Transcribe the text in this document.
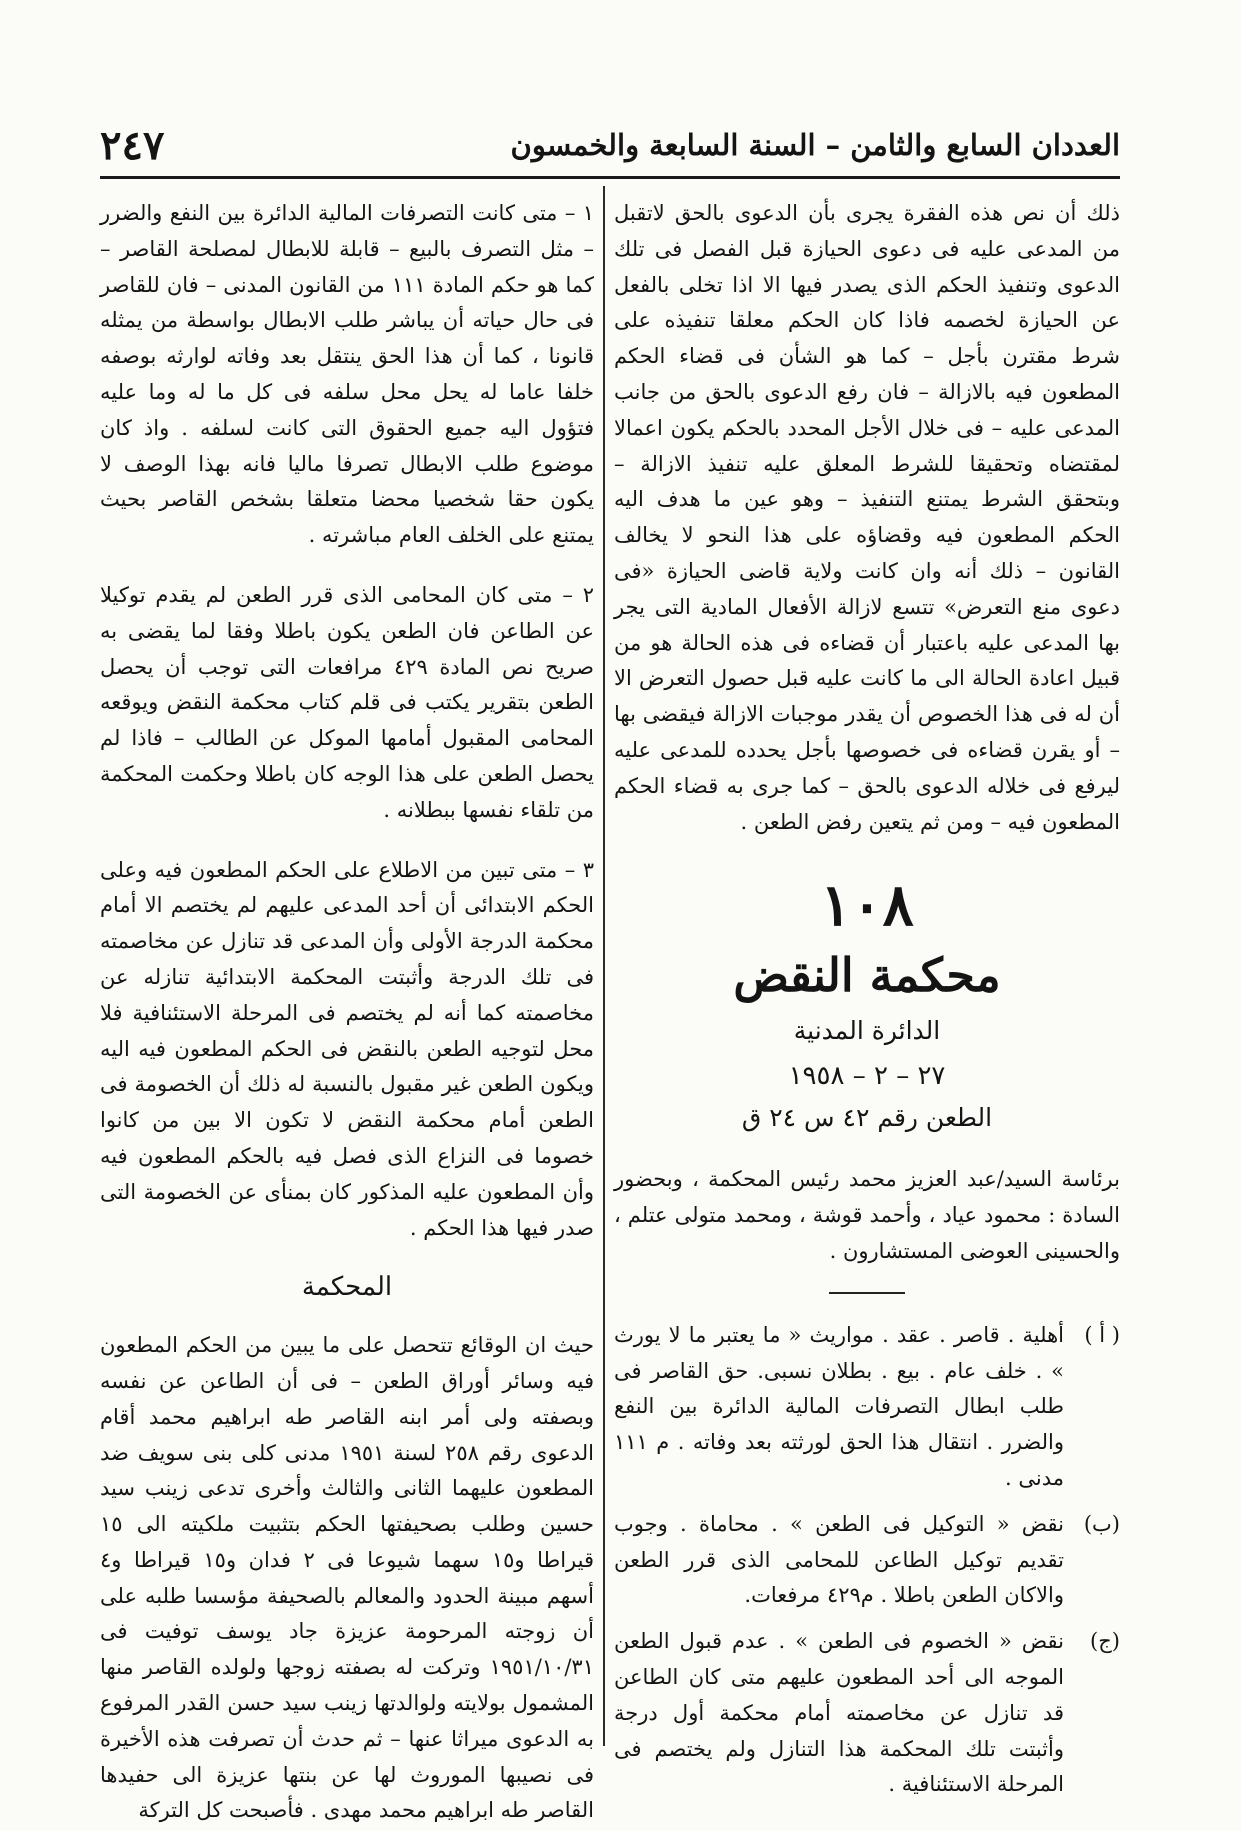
العددان السابع والثامن – السنة السابعة والخمسون
٢٤٧

ذلك أن نص هذه الفقرة يجرى بأن الدعوى بالحق لاتقبل من المدعى عليه فى دعوى الحيازة قبل الفصل فى تلك الدعوى وتنفيذ الحكم الذى يصدر فيها الا اذا تخلى بالفعل عن الحيازة لخصمه فاذا كان الحكم معلقا تنفيذه على شرط مقترن بأجل – كما هو الشأن فى قضاء الحكم المطعون فيه بالازالة – فان رفع الدعوى بالحق من جانب المدعى عليه – فى خلال الأجل المحدد بالحكم يكون اعمالا لمقتضاه وتحقيقا للشرط المعلق عليه تنفيذ الازالة – وبتحقق الشرط يمتنع التنفيذ – وهو عين ما هدف اليه الحكم المطعون فيه وقضاؤه على هذا النحو لا يخالف القانون – ذلك أنه وان كانت ولاية قاضى الحيازة «فى دعوى منع التعرض» تتسع لازالة الأفعال المادية التى يجر بها المدعى عليه باعتبار أن قضاءه فى هذه الحالة هو من قبيل اعادة الحالة الى ما كانت عليه قبل حصول التعرض الا أن له فى هذا الخصوص أن يقدر موجبات الازالة فيقضى بها – أو يقرن قضاءه فى خصوصها بأجل يحدده للمدعى عليه ليرفع فى خلاله الدعوى بالحق – كما جرى به قضاء الحكم المطعون فيه – ومن ثم يتعين رفض الطعن .

١٠٨
محكمة النقض
الدائرة المدنية
٢٧ – ٢ – ١٩٥٨
الطعن رقم ٤٢ س ٢٤ ق

برئاسة السيد/عبد العزيز محمد رئيس المحكمة ، وبحضور السادة : محمود عياد ، وأحمد قوشة ، ومحمد متولى عتلم ، والحسينى العوضى المستشارون .

( أ )
أهلية . قاصر . عقد . مواريث « ما يعتبر ما لا يورث » . خلف عام . بيع . بطلان نسبى. حق القاصر فى طلب ابطال التصرفات المالية الدائرة بين النفع والضرر . انتقال هذا الحق لورثته بعد وفاته . م ١١١ مدنى .
(ب)
نقض « التوكيل فى الطعن » . محاماة . وجوب تقديم توكيل الطاعن للمحامى الذى قرر الطعن والاكان الطعن باطلا . م٤٢٩ مرفعات.
(ج)
نقض « الخصوم فى الطعن » . عدم قبول الطعن الموجه الى أحد المطعون عليهم متى كان الطاعن قد تنازل عن مخاصمته أمام محكمة أول درجة وأثبتت تلك المحكمة هذا التنازل ولم يختصم فى المرحلة الاستئنافية .

١ – متى كانت التصرفات المالية الدائرة بين النفع والضرر – مثل التصرف بالبيع – قابلة للابطال لمصلحة القاصر – كما هو حكم المادة ١١١ من القانون المدنى – فان للقاصر فى حال حياته أن يباشر طلب الابطال بواسطة من يمثله قانونا ، كما أن هذا الحق ينتقل بعد وفاته لوارثه بوصفه خلفا عاما له يحل محل سلفه فى كل ما له وما عليه فتؤول اليه جميع الحقوق التى كانت لسلفه . واذ كان موضوع طلب الابطال تصرفا ماليا فانه بهذا الوصف لا يكون حقا شخصيا محضا متعلقا بشخص القاصر بحيث يمتنع على الخلف العام مباشرته .

٢ – متى كان المحامى الذى قرر الطعن لم يقدم توكيلا عن الطاعن فان الطعن يكون باطلا وفقا لما يقضى به صريح نص المادة ٤٢٩ مرافعات التى توجب أن يحصل الطعن بتقرير يكتب فى قلم كتاب محكمة النقض ويوقعه المحامى المقبول أمامها الموكل عن الطالب – فاذا لم يحصل الطعن على هذا الوجه كان باطلا وحكمت المحكمة من تلقاء نفسها ببطلانه .

٣ – متى تبين من الاطلاع على الحكم المطعون فيه وعلى الحكم الابتدائى أن أحد المدعى عليهم لم يختصم الا أمام محكمة الدرجة الأولى وأن المدعى قد تنازل عن مخاصمته فى تلك الدرجة وأثبتت المحكمة الابتدائية تنازله عن مخاصمته كما أنه لم يختصم فى المرحلة الاستئنافية فلا محل لتوجيه الطعن بالنقض فى الحكم المطعون فيه اليه ويكون الطعن غير مقبول بالنسبة له ذلك أن الخصومة فى الطعن أمام محكمة النقض لا تكون الا بين من كانوا خصوما فى النزاع الذى فصل فيه بالحكم المطعون فيه وأن المطعون عليه المذكور كان بمنأى عن الخصومة التى صدر فيها هذا الحكم .

المحكمة

حيث ان الوقائع تتحصل على ما يبين من الحكم المطعون فيه وسائر أوراق الطعن – فى أن الطاعن عن نفسه وبصفته ولى أمر ابنه القاصر طه ابراهيم محمد أقام الدعوى رقم ٢٥٨ لسنة ١٩٥١ مدنى كلى بنى سويف ضد المطعون عليهما الثانى والثالث وأخرى تدعى زينب سيد حسين وطلب بصحيفتها الحكم بتثبيت ملكيته الى ١٥ قيراطا و١٥ سهما شيوعا فى ٢ فدان و١٥ قيراطا و٤ أسهم مبينة الحدود والمعالم بالصحيفة مؤسسا طلبه على أن زوجته المرحومة عزيزة جاد يوسف توفيت فى ١٩٥١/١٠/٣١ وتركت له بصفته زوجها ولولده القاصر منها المشمول بولايته ولوالدتها زينب سيد حسن القدر المرفوع به الدعوى ميراثا عنها – ثم حدث أن تصرفت هذه الأخيرة فى نصيبها الموروث لها عن بنتها عزيزة الى حفيدها القاصر طه ابراهيم محمد مهدى . فأصبحت كل التركة
